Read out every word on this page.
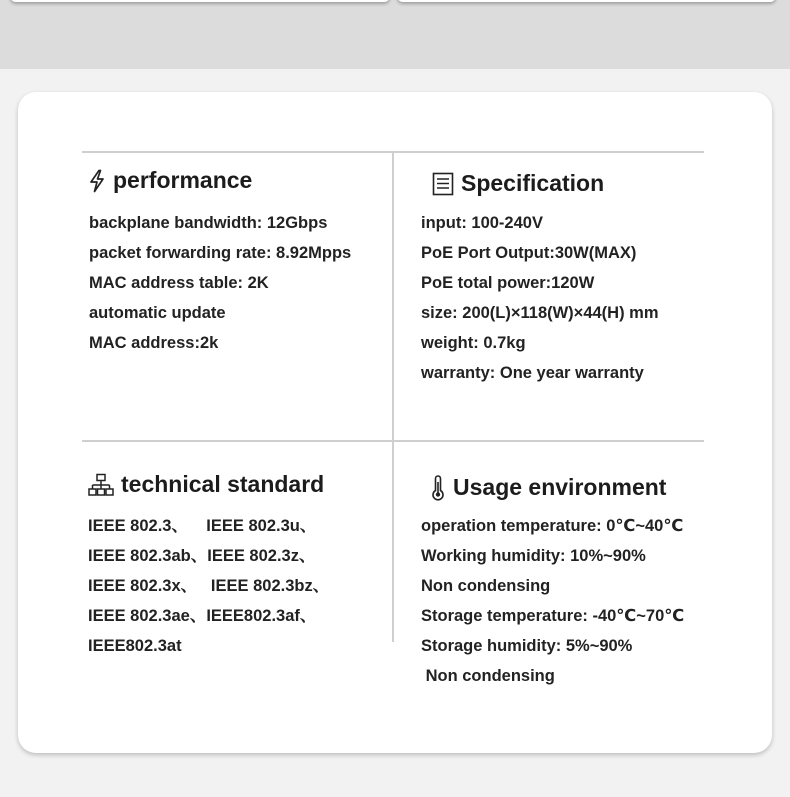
performance
backplane bandwidth: 12Gbps
packet forwarding rate: 8.92Mpps
MAC address table: 2K
automatic update
MAC address:2k
Specification
input: 100-240V
PoE Port Output:30W(MAX)
PoE total power:120W
size: 200(L)×118(W)×44(H) mm
weight: 0.7kg
warranty: One year warranty
technical standard
IEEE 802.3、    IEEE 802.3u、
IEEE 802.3ab、IEEE 802.3z、
IEEE 802.3x、   IEEE 802.3bz、
IEEE 802.3ae、IEEE802.3af、
IEEE802.3at
Usage environment
operation temperature: 0℃~40℃
Working humidity: 10%~90%
Non condensing
Storage temperature: -40℃~70℃
Storage humidity: 5%~90%
Non condensing
